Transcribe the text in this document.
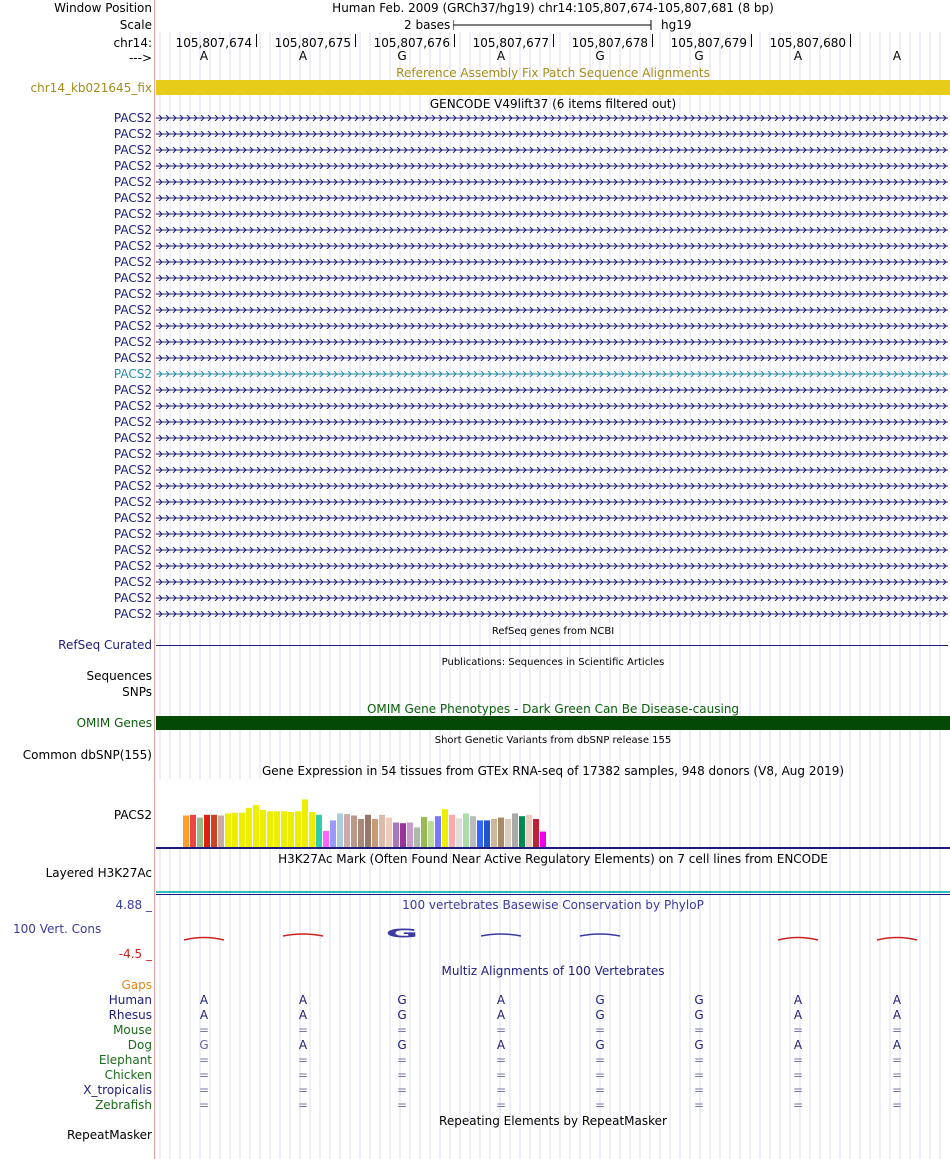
Window Position	Human Feb. 2009 (GRCh37/hg19) chr14:105,807,674-105,807,681 (8 bp)
Scale	2 bases	hg19
chr14: 105,807,674 105,807,675 105,807,676 105,807,677 105,807,678 105,807,679 105,807,680
--->	A	A	G	A	G	G	A	A
Reference Assembly Fix Patch Sequence Alignments
chr14_kb021645_fix
GENCODE V49lift37 (6 items filtered out)
PACS2
PACS2
PACS2
PACS2
PACS2
PACS2
PACS2
PACS2
PACS2
PACS2
PACS2
PACS2
PACS2
PACS2
PACS2
PACS2
PACS2
PACS2
PACS2
PACS2
PACS2
PACS2
PACS2
PACS2
PACS2
PACS2
PACS2
PACS2
PACS2
PACS2
PACS2
PACS2
RefSeq genes from NCBI
RefSeq Curated
Publications: Sequences in Scientific Articles
Sequences
SNPs
OMIM Gene Phenotypes - Dark Green Can Be Disease-causing
OMIM Genes
Short Genetic Variants from dbSNP release 155
Common dbSNP(155)
Gene Expression in 54 tissues from GTEx RNA-seq of 17382 samples, 948 donors (V8, Aug 2019)
PACS2
H3K27Ac Mark (Often Found Near Active Regulatory Elements) on 7 cell lines from ENCODE
Layered H3K27Ac
100 vertebrates Basewise Conservation by PhyloP
4.88 _
100 Vert. Cons
-4.5 _
G
Multiz Alignments of 100 Vertebrates
Gaps
Human	A	A	G	A	G	G	A	A
Rhesus	A	A	G	A	G	G	A	A
Mouse	=	=	=	=	=	=	=	=
Dog	G	A	G	A	G	G	A	A
Elephant	=	=	=	=	=	=	=	=
Chicken	=	=	=	=	=	=	=	=
X_tropicalis	=	=	=	=	=	=	=	=
Zebrafish	=	=	=	=	=	=	=	=
Repeating Elements by RepeatMasker
RepeatMasker
